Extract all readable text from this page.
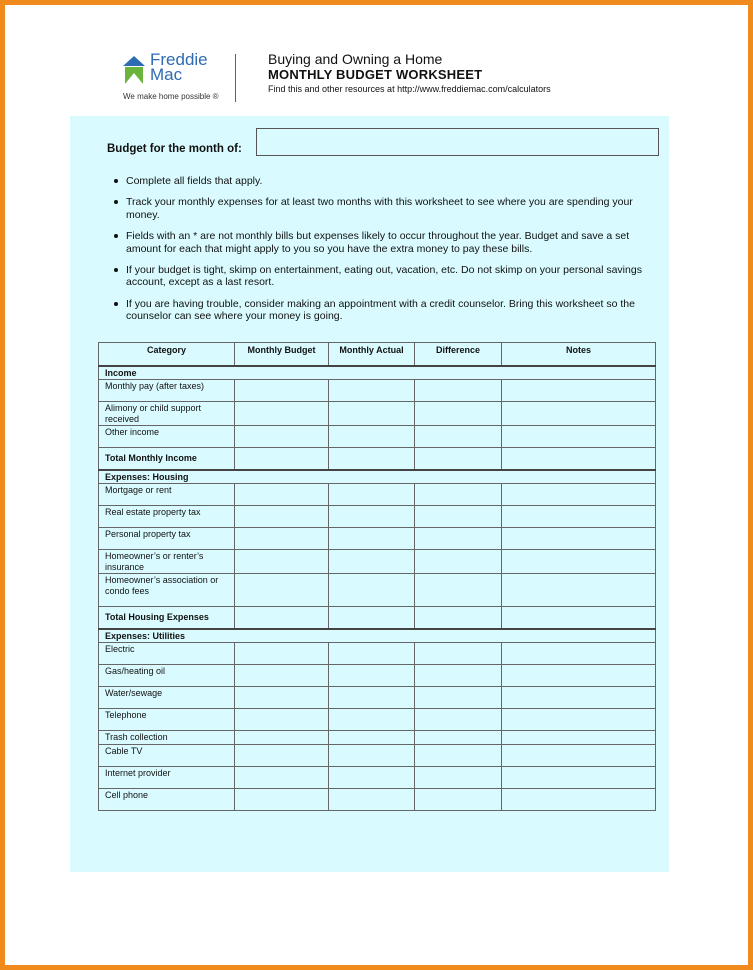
Freddie
Mac
We make home possible ®
Buying and Owning a Home
MONTHLY BUDGET WORKSHEET
Find this and other resources at http://www.freddiemac.com/calculators
Budget for the month of:
Complete all fields that apply.
Track your monthly expenses for at least two months with this worksheet to see where you are spending your money.
Fields with an * are not monthly bills but expenses likely to occur throughout the year. Budget and save a set amount for each that might apply to you so you have the extra money to pay these bills.
If your budget is tight, skimp on entertainment, eating out, vacation, etc. Do not skimp on your personal savings account, except as a last resort.
If you are having trouble, consider making an appointment with a credit counselor. Bring this worksheet so the counselor can see where your money is going.
Category	Monthly Budget	Monthly Actual	Difference	Notes
Income				
Monthly pay (after taxes)				
Alimony or child support received				
Other income				
Total Monthly Income				
Expenses: Housing				
Mortgage or rent				
Real estate property tax				
Personal property tax				
Homeowner’s or renter’s insurance				
Homeowner’s association or condo fees				
Total Housing Expenses				
Expenses: Utilities				
Electric				
Gas/heating oil				
Water/sewage				
Telephone				
Trash collection				
Cable TV				
Internet provider				
Cell phone				
